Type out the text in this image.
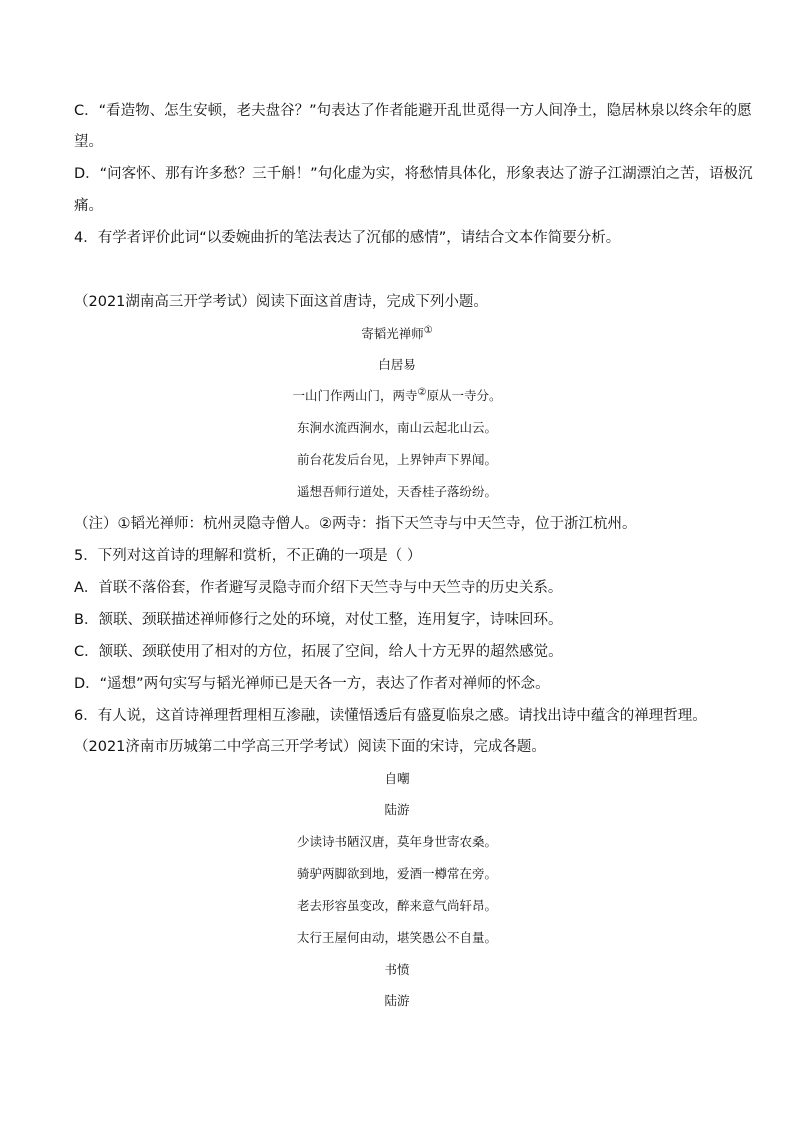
C．“看造物、怎生安顿，老夫盘谷？”句表达了作者能避开乱世觅得一方人间净土，隐居林泉以终余年的愿
望。
D．“问客怀、那有许多愁？三千斛！”句化虚为实，将愁情具体化，形象表达了游子江湖漂泊之苦，语极沉
痛。
4．有学者评价此词“以委婉曲折的笔法表达了沉郁的感情”，请结合文本作简要分析。
（2021湖南高三开学考试）阅读下面这首唐诗，完成下列小题。
寄韬光禅师①
白居易
一山门作两山门，两寺②原从一寺分。
东涧水流西涧水，南山云起北山云。
前台花发后台见，上界钟声下界闻。
遥想吾师行道处，天香桂子落纷纷。
（注）①韬光禅师：杭州灵隐寺僧人。②两寺：指下天竺寺与中天竺寺，位于浙江杭州。
5．下列对这首诗的理解和赏析，不正确的一项是（ ）
A．首联不落俗套，作者避写灵隐寺而介绍下天竺寺与中天竺寺的历史关系。
B．颔联、颈联描述禅师修行之处的环境，对仗工整，连用复字，诗味回环。
C．颔联、颈联使用了相对的方位，拓展了空间，给人十方无界的超然感觉。
D．“遥想”两句实写与韬光禅师已是天各一方，表达了作者对禅师的怀念。
6．有人说，这首诗禅理哲理相互渗融，读懂悟透后有盛夏临泉之感。请找出诗中蕴含的禅理哲理。
（2021济南市历城第二中学高三开学考试）阅读下面的宋诗，完成各题。
自嘲
陆游
少读诗书陋汉唐，莫年身世寄农桑。
骑驴两脚欲到地，爱酒一樽常在旁。
老去形容虽变改，醉来意气尚轩昂。
太行王屋何由动，堪笑愚公不自量。
书愤
陆游
